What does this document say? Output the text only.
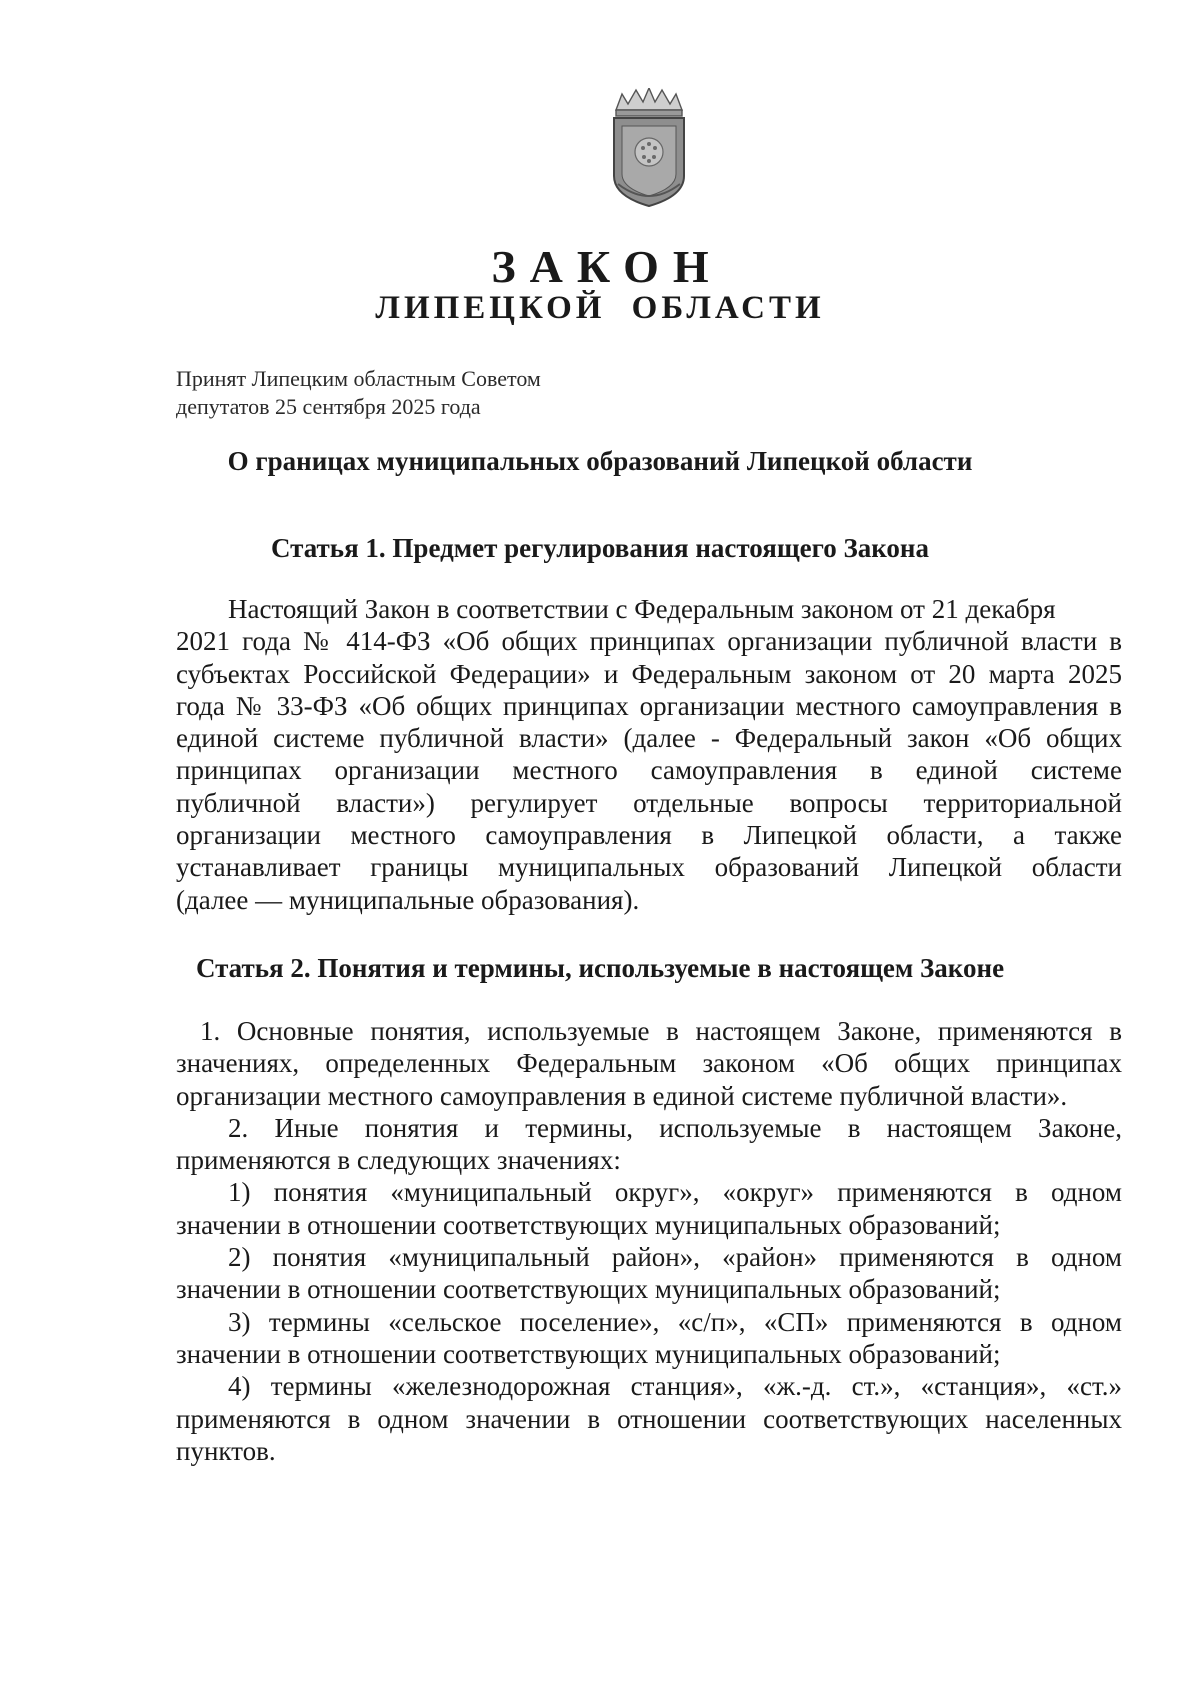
ЗАКОН
ЛИПЕЦКОЙ ОБЛАСТИ
Принят Липецким областным Советом
депутатов 25 сентября 2025 года
О границах муниципальных образований Липецкой области
Статья 1. Предмет регулирования настоящего Закона
Настоящий Закон в соответствии с Федеральным законом от 21 декабря
2021 года № 414-ФЗ «Об общих принципах организации публичной власти в
субъектах Российской Федерации» и Федеральным законом от 20 марта 2025
года № 33-ФЗ «Об общих принципах организации местного самоуправления в
единой системе публичной власти» (далее - Федеральный закон «Об общих
принципах организации местного самоуправления в единой системе
публичной власти») регулирует отдельные вопросы территориальной
организации местного самоуправления в Липецкой области, а также
устанавливает границы муниципальных образований Липецкой области
(далее — муниципальные образования).
Статья 2. Понятия и термины, используемые в настоящем Законе
1. Основные понятия, используемые в настоящем Законе, применяются в
значениях, определенных Федеральным законом «Об общих принципах
организации местного самоуправления в единой системе публичной власти».
2. Иные понятия и термины, используемые в настоящем Законе,
применяются в следующих значениях:
1) понятия «муниципальный округ», «округ» применяются в одном
значении в отношении соответствующих муниципальных образований;
2) понятия «муниципальный район», «район» применяются в одном
значении в отношении соответствующих муниципальных образований;
3) термины «сельское поселение», «с/п», «СП» применяются в одном
значении в отношении соответствующих муниципальных образований;
4) термины «железнодорожная станция», «ж.-д. ст.», «станция», «ст.»
применяются в одном значении в отношении соответствующих населенных
пунктов.
